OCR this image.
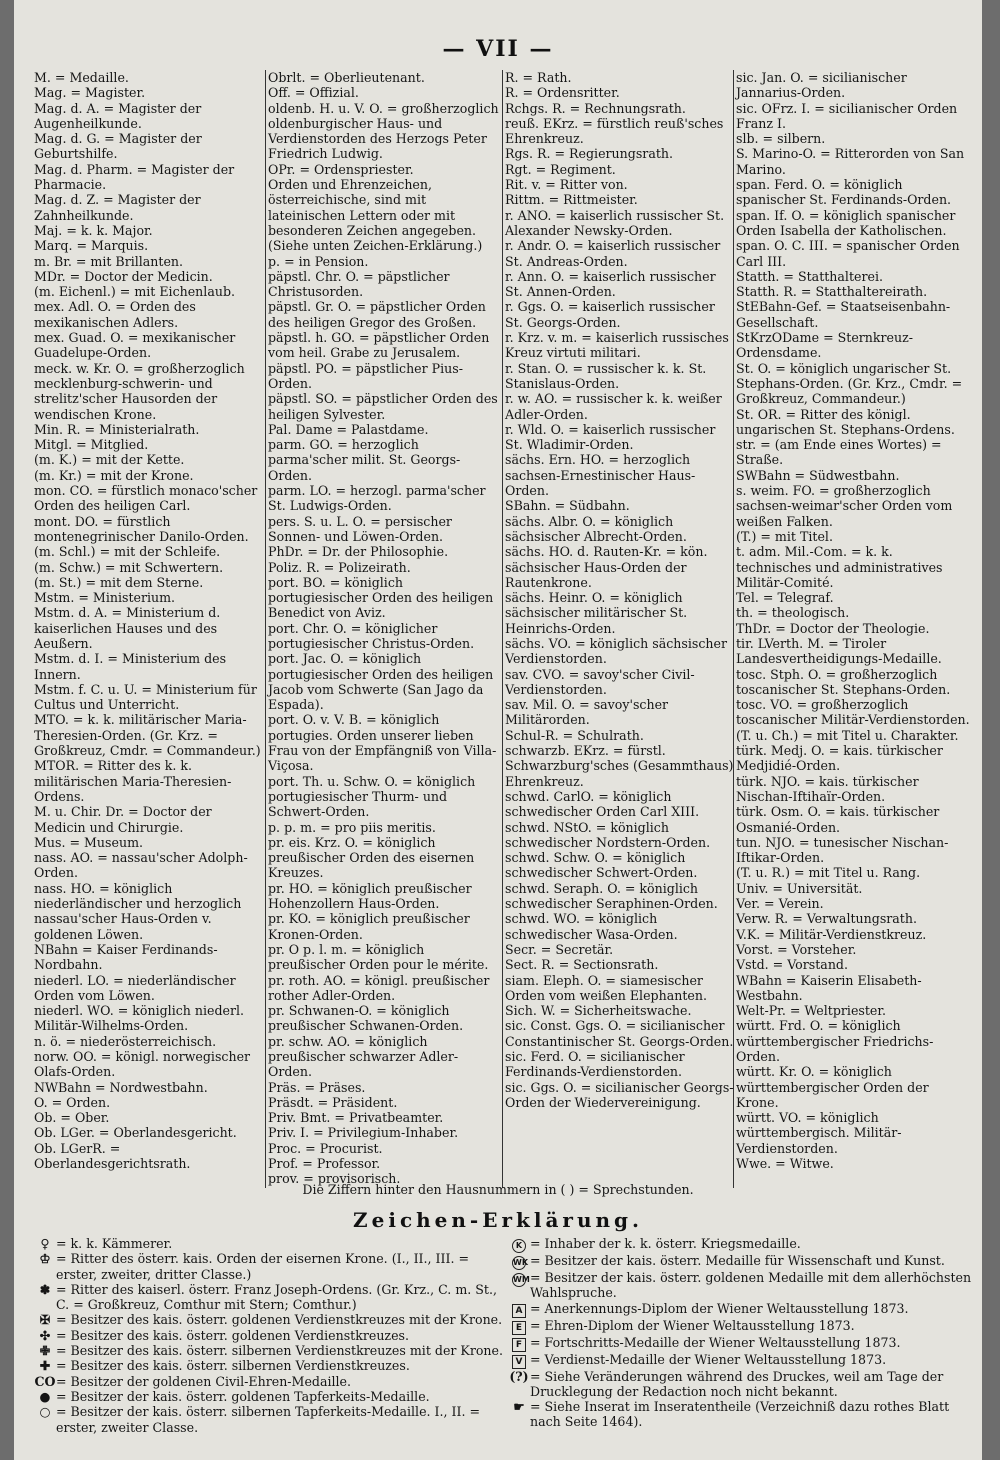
— VII —
M. = Medaille.
Mag. = Magister.
Mag. d. A. = Magister der Augenheilkunde.
Mag. d. G. = Magister der Geburtshilfe.
Mag. d. Pharm. = Magister der Pharmacie.
Mag. d. Z. = Magister der Zahnheilkunde.
Maj. = k. k. Major.
Marq. = Marquis.
m. Br. = mit Brillanten.
MDr. = Doctor der Medicin.
(m. Eichenl.) = mit Eichenlaub.
mex. Adl. O. = Orden des mexikanischen Adlers.
mex. Guad. O. = mexikanischer Guadelupe-Orden.
meck. w. Kr. O. = großherzoglich mecklenburg-schwerin- und strelitz'scher Hausorden der wendischen Krone.
Min. R. = Ministerialrath.
Mitgl. = Mitglied.
(m. K.) = mit der Kette.
(m. Kr.) = mit der Krone.
mon. CO. = fürstlich monaco'scher Orden des heiligen Carl.
mont. DO. = fürstlich montenegrinischer Danilo-Orden.
(m. Schl.) = mit der Schleife.
(m. Schw.) = mit Schwertern.
(m. St.) = mit dem Sterne.
Mstm. = Ministerium.
Mstm. d. A. = Ministerium d. kaiserlichen Hauses und des Aeußern.
Mstm. d. I. = Ministerium des Innern.
Mstm. f. C. u. U. = Ministerium für Cultus und Unterricht.
MTO. = k. k. militärischer Maria-Theresien-Orden. (Gr. Krz. = Großkreuz, Cmdr. = Commandeur.)
MTOR. = Ritter des k. k. militärischen Maria-Theresien-Ordens.
M. u. Chir. Dr. = Doctor der Medicin und Chirurgie.
Mus. = Museum.
nass. AO. = nassau'scher Adolph-Orden.
nass. HO. = königlich niederländischer und herzoglich nassau'scher Haus-Orden v. goldenen Löwen.
NBahn = Kaiser Ferdinands-Nordbahn.
niederl. LO. = niederländischer Orden vom Löwen.
niederl. WO. = königlich niederl. Militär-Wilhelms-Orden.
n. ö. = niederösterreichisch.
norw. OO. = königl. norwegischer Olafs-Orden.
NWBahn = Nordwestbahn.
O. = Orden.
Ob. = Ober.
Ob. LGer. = Oberlandesgericht.
Ob. LGerR. = Oberlandesgerichtsrath.
Obrlt. = Oberlieutenant.
Off. = Offizial.
oldenb. H. u. V. O. = großherzoglich oldenburgischer Haus- und Verdienstorden des Herzogs Peter Friedrich Ludwig.
OPr. = Ordenspriester.
Orden und Ehrenzeichen, österreichische, sind mit lateinischen Lettern oder mit besonderen Zeichen angegeben. (Siehe unten Zeichen-Erklärung.)
p. = in Pension.
päpstl. Chr. O. = päpstlicher Christusorden.
päpstl. Gr. O. = päpstlicher Orden des heiligen Gregor des Großen.
päpstl. h. GO. = päpstlicher Orden vom heil. Grabe zu Jerusalem.
päpstl. PO. = päpstlicher Pius-Orden.
päpstl. SO. = päpstlicher Orden des heiligen Sylvester.
Pal. Dame = Palastdame.
parm. GO. = herzoglich parma'scher milit. St. Georgs-Orden.
parm. LO. = herzogl. parma'scher St. Ludwigs-Orden.
pers. S. u. L. O. = persischer Sonnen- und Löwen-Orden.
PhDr. = Dr. der Philosophie.
Poliz. R. = Polizeirath.
port. BO. = königlich portugiesischer Orden des heiligen Benedict von Aviz.
port. Chr. O. = königlicher portugiesischer Christus-Orden.
port. Jac. O. = königlich portugiesischer Orden des heiligen Jacob vom Schwerte (San Jago da Espada).
port. O. v. V. B. = königlich portugies. Orden unserer lieben Frau von der Empfängniß von Villa-Viçosa.
port. Th. u. Schw. O. = königlich portugiesischer Thurm- und Schwert-Orden.
p. p. m. = pro piis meritis.
pr. eis. Krz. O. = königlich preußischer Orden des eisernen Kreuzes.
pr. HO. = königlich preußischer Hohenzollern Haus-Orden.
pr. KO. = königlich preußischer Kronen-Orden.
pr. O p. l. m. = königlich preußischer Orden pour le mérite.
pr. roth. AO. = königl. preußischer rother Adler-Orden.
pr. Schwanen-O. = königlich preußischer Schwanen-Orden.
pr. schw. AO. = königlich preußischer schwarzer Adler-Orden.
Präs. = Präses.
Präsdt. = Präsident.
Priv. Bmt. = Privatbeamter.
Priv. I. = Privilegium-Inhaber.
Proc. = Procurist.
Prof. = Professor.
prov. = provisorisch.
R. = Rath.
R. = Ordensritter.
Rchgs. R. = Rechnungsrath.
reuß. EKrz. = fürstlich reuß'sches Ehrenkreuz.
Rgs. R. = Regierungsrath.
Rgt. = Regiment.
Rit. v. = Ritter von.
Rittm. = Rittmeister.
r. ANO. = kaiserlich russischer St. Alexander Newsky-Orden.
r. Andr. O. = kaiserlich russischer St. Andreas-Orden.
r. Ann. O. = kaiserlich russischer St. Annen-Orden.
r. Ggs. O. = kaiserlich russischer St. Georgs-Orden.
r. Krz. v. m. = kaiserlich russisches Kreuz virtuti militari.
r. Stan. O. = russischer k. k. St. Stanislaus-Orden.
r. w. AO. = russischer k. k. weißer Adler-Orden.
r. Wld. O. = kaiserlich russischer St. Wladimir-Orden.
sächs. Ern. HO. = herzoglich sachsen-Ernestinischer Haus-Orden.
SBahn. = Südbahn.
sächs. Albr. O. = königlich sächsischer Albrecht-Orden.
sächs. HO. d. Rauten-Kr. = kön. sächsischer Haus-Orden der Rautenkrone.
sächs. Heinr. O. = königlich sächsischer militärischer St. Heinrichs-Orden.
sächs. VO. = königlich sächsischer Verdienstorden.
sav. CVO. = savoy'scher Civil-Verdienstorden.
sav. Mil. O. = savoy'scher Militärorden.
Schul-R. = Schulrath.
schwarzb. EKrz. = fürstl. Schwarzburg'sches (Gesammthaus) Ehrenkreuz.
schwd. CarlO. = königlich schwedischer Orden Carl XIII.
schwd. NStO. = königlich schwedischer Nordstern-Orden.
schwd. Schw. O. = königlich schwedischer Schwert-Orden.
schwd. Seraph. O. = königlich schwedischer Seraphinen-Orden.
schwd. WO. = königlich schwedischer Wasa-Orden.
Secr. = Secretär.
Sect. R. = Sectionsrath.
siam. Eleph. O. = siamesischer Orden vom weißen Elephanten.
Sich. W. = Sicherheitswache.
sic. Const. Ggs. O. = sicilianischer Constantinischer St. Georgs-Orden.
sic. Ferd. O. = sicilianischer Ferdinands-Verdienstorden.
sic. Ggs. O. = sicilianischer Georgs-Orden der Wiedervereinigung.
sic. Jan. O. = sicilianischer Jannarius-Orden.
sic. OFrz. I. = sicilianischer Orden Franz I.
slb. = silbern.
S. Marino-O. = Ritterorden von San Marino.
span. Ferd. O. = königlich spanischer St. Ferdinands-Orden.
span. If. O. = königlich spanischer Orden Isabella der Katholischen.
span. O. C. III. = spanischer Orden Carl III.
Statth. = Statthalterei.
Statth. R. = Statthaltereirath.
StEBahn-Gef. = Staatseisenbahn-Gesellschaft.
StKrzODame = Sternkreuz-Ordensdame.
St. O. = königlich ungarischer St. Stephans-Orden. (Gr. Krz., Cmdr. = Großkreuz, Commandeur.)
St. OR. = Ritter des königl. ungarischen St. Stephans-Ordens.
str. = (am Ende eines Wortes) = Straße.
SWBahn = Südwestbahn.
s. weim. FO. = großherzoglich sachsen-weimar'scher Orden vom weißen Falken.
(T.) = mit Titel.
t. adm. Mil.-Com. = k. k. technisches und administratives Militär-Comité.
Tel. = Telegraf.
th. = theologisch.
ThDr. = Doctor der Theologie.
tir. LVerth. M. = Tiroler Landesvertheidigungs-Medaille.
tosc. Stph. O. = großherzoglich toscanischer St. Stephans-Orden.
tosc. VO. = großherzoglich toscanischer Militär-Verdienstorden.
(T. u. Ch.) = mit Titel u. Charakter.
türk. Medj. O. = kais. türkischer Medjidié-Orden.
türk. NJO. = kais. türkischer Nischan-Iftihaïr-Orden.
türk. Osm. O. = kais. türkischer Osmanié-Orden.
tun. NJO. = tunesischer Nischan-Iftikar-Orden.
(T. u. R.) = mit Titel u. Rang.
Univ. = Universität.
Ver. = Verein.
Verw. R. = Verwaltungsrath.
V.K. = Militär-Verdienstkreuz.
Vorst. = Vorsteher.
Vstd. = Vorstand.
WBahn = Kaiserin Elisabeth-Westbahn.
Welt-Pr. = Weltpriester.
württ. Frd. O. = königlich württembergischer Friedrichs-Orden.
württ. Kr. O. = königlich württembergischer Orden der Krone.
württ. VO. = königlich württembergisch. Militär-Verdienstorden.
Wwe. = Witwe.
Die Ziffern hinter den Hausnummern in ( ) = Sprechstunden.
Zeichen-Erklärung.
♀ = k. k. Kämmerer.
♔ = Ritter des österr. kais. Orden der eisernen Krone. (I., II., III. = erster, zweiter, dritter Classe.)
✽ = Ritter des kaiserl. österr. Franz Joseph-Ordens. (Gr. Krz., C. m. St., C. = Großkreuz, Comthur mit Stern; Comthur.)
✠ = Besitzer des kais. österr. goldenen Verdienstkreuzes mit der Krone.
✣ = Besitzer des kais. österr. goldenen Verdienstkreuzes.
✙ = Besitzer des kais. österr. silbernen Verdienstkreuzes mit der Krone.
✚ = Besitzer des kais. österr. silbernen Verdienstkreuzes.
CO = Besitzer der goldenen Civil-Ehren-Medaille.
● = Besitzer der kais. österr. goldenen Tapferkeits-Medaille.
○ = Besitzer der kais. österr. silbernen Tapferkeits-Medaille. I., II. = erster, zweiter Classe.
K = Inhaber der k. k. österr. Kriegsmedaille.
WK = Besitzer der kais. österr. Medaille für Wissenschaft und Kunst.
WM = Besitzer der kais. österr. goldenen Medaille mit dem allerhöchsten Wahlspruche.
A = Anerkennungs-Diplom der Wiener Weltausstellung 1873.
E = Ehren-Diplom der Wiener Weltausstellung 1873.
F = Fortschritts-Medaille der Wiener Weltausstellung 1873.
V = Verdienst-Medaille der Wiener Weltausstellung 1873.
(?) = Siehe Veränderungen während des Druckes, weil am Tage der Drucklegung der Redaction noch nicht bekannt.
☛ = Siehe Inserat im Inseratentheile (Verzeichniß dazu rothes Blatt nach Seite 1464).
